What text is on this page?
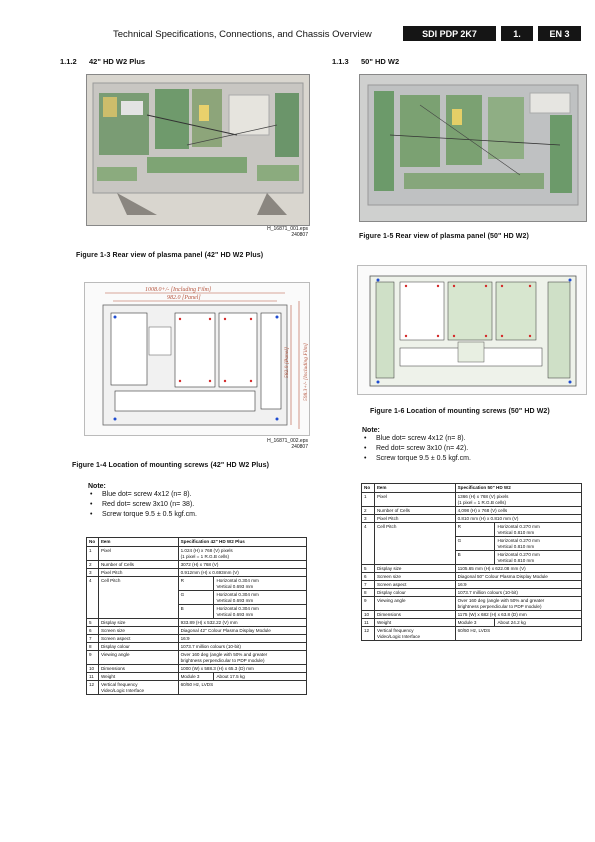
Technical Specifications, Connections, and Chassis Overview	SDI PDP 2K7	1.	EN 3
1.1.2 42" HD W2 Plus	1.1.3 50" HD W2
H_16871_001.eps
240807
Figure 1-3 Rear view of plasma panel (42" HD W2 Plus)
Figure 1-5 Rear view of plasma panel (50" HD W2)
1008.0+/- [Including Film]
982.0 [Panel]
582.0 [Panel] 598.3+/- [Including Film]
H_16871_002.eps
240807
Figure 1-4 Location of mounting screws (42" HD W2 Plus)
Figure 1-6 Location of mounting screws (50" HD W2)
Note:
• Blue dot= screw 4x12 (n= 8).
• Red dot= screw 3x10 (n= 42).
• Screw torque 9.5 ± 0.5 kgf.cm.
Note:
• Blue dot= screw 4x12 (n= 8).
• Red dot= screw 3x10 (n= 38).
• Screw torque 9.5 ± 0.5 kgf.cm.
No	Item	Specification 50" HD W2	
1	Pixel	1366 (H) x 768 (V) pixels
(1 pixel = 1 R.G.B cells)	
2	Number of Cells	4,098 (H) x 768 (V) cells	
3	Pixel Pitch	0.810 mm (H) x 0.810 mm (V)	
4	Cell Pitch	R	Horizontal 0.270 mm
Vertical 0.810 mm
		G	Horizontal 0.270 mm
Vertical 0.810 mm
		B	Horizontal 0.270 mm
Vertical 0.810 mm
5	Display size	1105.65 mm (H) x 622.08 mm (V)	
6	Screen size	Diagonal 50" Colour Plasma Display Module	
7	Screen aspect	16:9	
8	Display colour	1073.7 million colours (10-bit)	
9	Viewing angle	Over 160 deg (angle with 50% and greater
brightness perpendicular to PDP module)	
10	Dimensions	1175 (W) x 682 (H) x 63.8 (D) mm	
11	Weight	Module 3	About 24.2 kg
12	Vertical frequency
Video/Logic Interface	60/50 Hz, LVDS	
No	Item	Specification 42" HD W2 Plus	
1	Pixel	1.024 (H) x 768 (V) pixels
(1 pixel = 1 R.G.B cells)	
2	Number of Cells	3072 (H) x 768 (V)	
3	Pixel Pitch	0.912mm (H) x 0.693mm (V)	
4	Cell Pitch	R	Horizontal 0.304 mm
Vertical 0.693 mm
		G	Horizontal 0.304 mm
Vertical 0.693 mm
		B	Horizontal 0.304 mm
Vertical 0.693 mm
5	Display size	933.89 (H) x 532.22 (V) mm	
6	Screen size	Diagonal 42" Colour Plasma Display Module	
7	Screen aspect	16:9	
8	Display colour	1073.7 million colours (10-bit)	
9	Viewing angle	Over 160 deg (angle with 50% and greater
brightness perpendicular to PDP module)	
10	Dimensions	1000 (W) x 588.3 (H) x 65.3 (D) mm	
11	Weight	Module 3	About 17.5 kg
12	Vertical frequency
Video/Logic Interface	60/50 Hz, LVDS	
